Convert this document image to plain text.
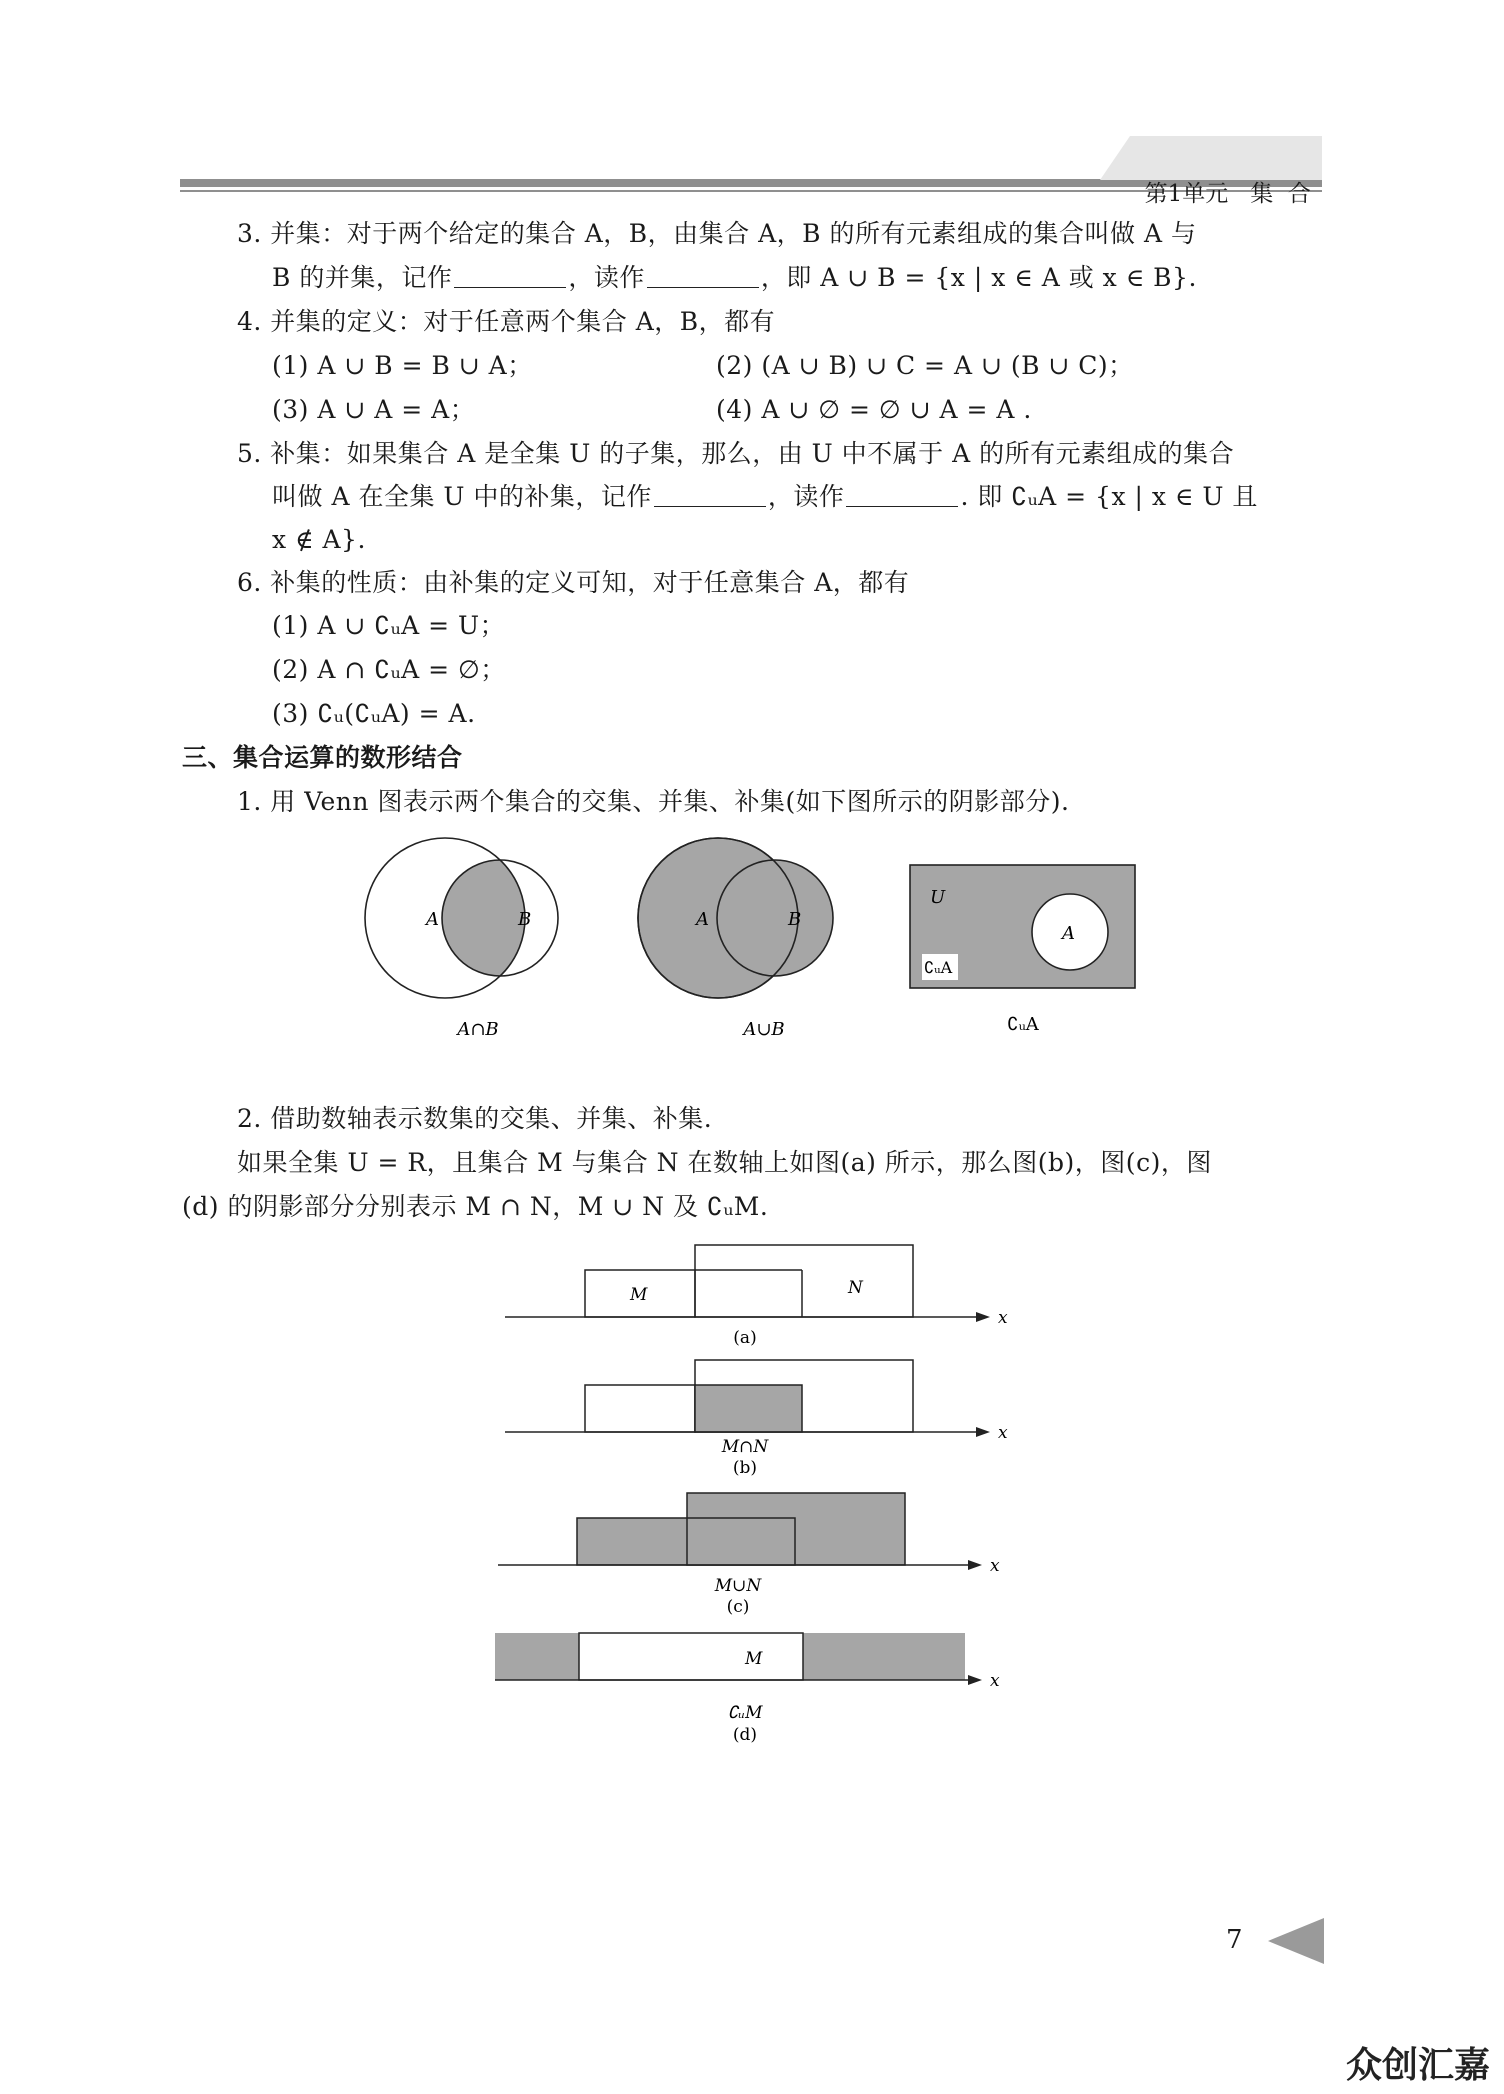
第1单元 集  合

3. 并集：对于两个给定的集合 A，B，由集合 A，B 的所有元素组成的集合叫做 A 与
B 的并集，记作	，读作	，即 A ∪ B = {x | x ∈ A 或 x ∈ B}.
4. 并集的定义：对于任意两个集合 A，B，都有
(1) A ∪ B = B ∪ A；	(2) (A ∪ B) ∪ C = A ∪ (B ∪ C)；
(3) A ∪ A = A；	(4) A ∪ ∅ = ∅ ∪ A = A .
5. 补集：如果集合 A 是全集 U 的子集，那么，由 U 中不属于 A 的所有元素组成的集合
叫做 A 在全集 U 中的补集，记作	，读作	. 即 ∁ᵤA = {x | x ∈ U 且
x ∉ A}.
6. 补集的性质：由补集的定义可知，对于任意集合 A，都有
(1) A ∪ ∁ᵤA = U；
(2) A ∩ ∁ᵤA = ∅；
(3) ∁ᵤ(∁ᵤA) = A.
三、集合运算的数形结合
1. 用 Venn 图表示两个集合的交集、并集、补集(如下图所示的阴影部分).
A	B	A	B
U
A
∁ᵤA
A∩B	A∪B	∁ᵤA
2. 借助数轴表示数集的交集、并集、补集.
如果全集 U = R，且集合 M 与集合 N 在数轴上如图(a) 所示，那么图(b)，图(c)，图
(d) 的阴影部分分别表示 M ∩ N，M ∪ N 及 ∁ᵤM.
x
M	N
(a)
x
M∩N
(b)
x
M∪N
(c)
x
M
∁ᵤM
(d)
7
众创汇嘉
